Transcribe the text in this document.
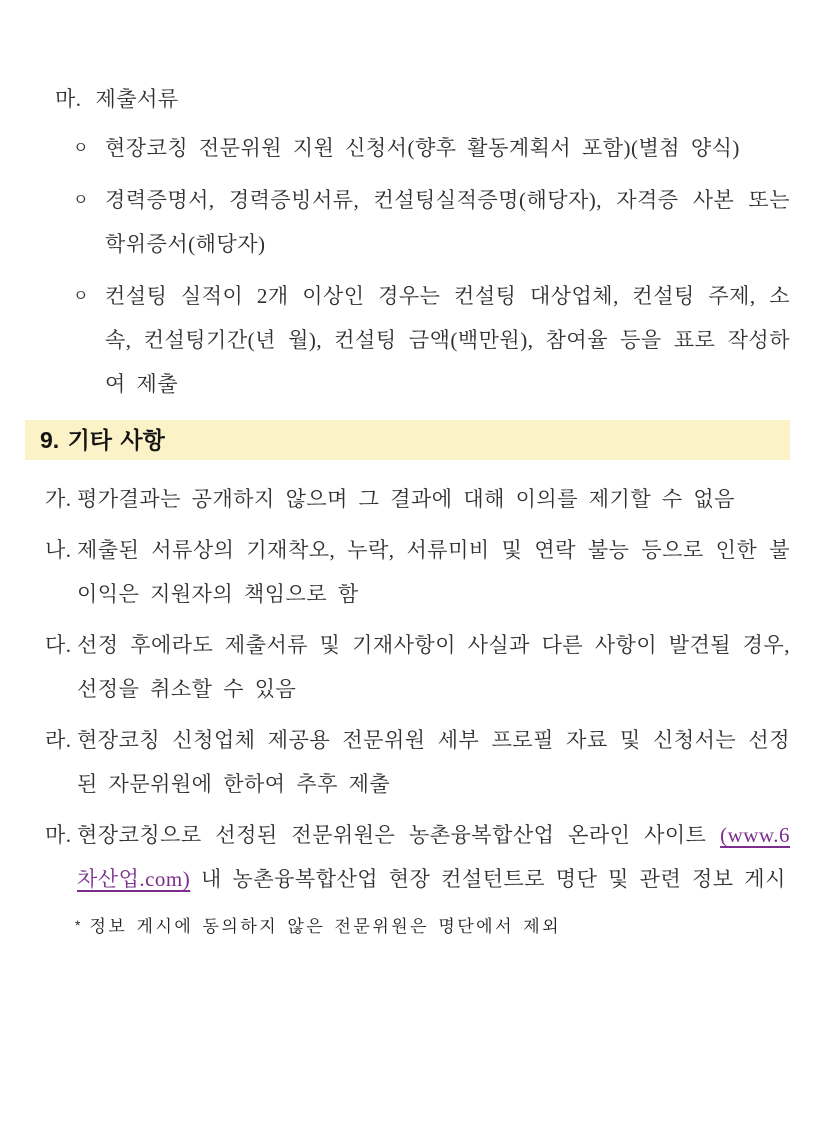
마. 제출서류

ㅇ 현장코칭 전문위원 지원 신청서(향후 활동계획서 포함)(별첨 양식)

ㅇ 경력증명서, 경력증빙서류, 컨설팅실적증명(해당자), 자격증 사본 또는 학위증서(해당자)

ㅇ 컨설팅 실적이 2개 이상인 경우는 컨설팅 대상업체, 컨설팅 주제, 소속, 컨설팅기간(년 월), 컨설팅 금액(백만원), 참여율 등을 표로 작성하여 제출

9. 기타 사항

가. 평가결과는 공개하지 않으며 그 결과에 대해 이의를 제기할 수 없음

나. 제출된 서류상의 기재착오, 누락, 서류미비 및 연락 불능 등으로 인한 불이익은 지원자의 책임으로 함

다. 선정 후에라도 제출서류 및 기재사항이 사실과 다른 사항이 발견될 경우, 선정을 취소할 수 있음

라. 현장코칭 신청업체 제공용 전문위원 세부 프로필 자료 및 신청서는 선정된 자문위원에 한하여 추후 제출

마. 현장코칭으로 선정된 전문위원은 농촌융복합산업 온라인 사이트 (www.6차산업.com) 내 농촌융복합산업 현장 컨설턴트로 명단 및 관련 정보 게시

* 정보 게시에 동의하지 않은 전문위원은 명단에서 제외
